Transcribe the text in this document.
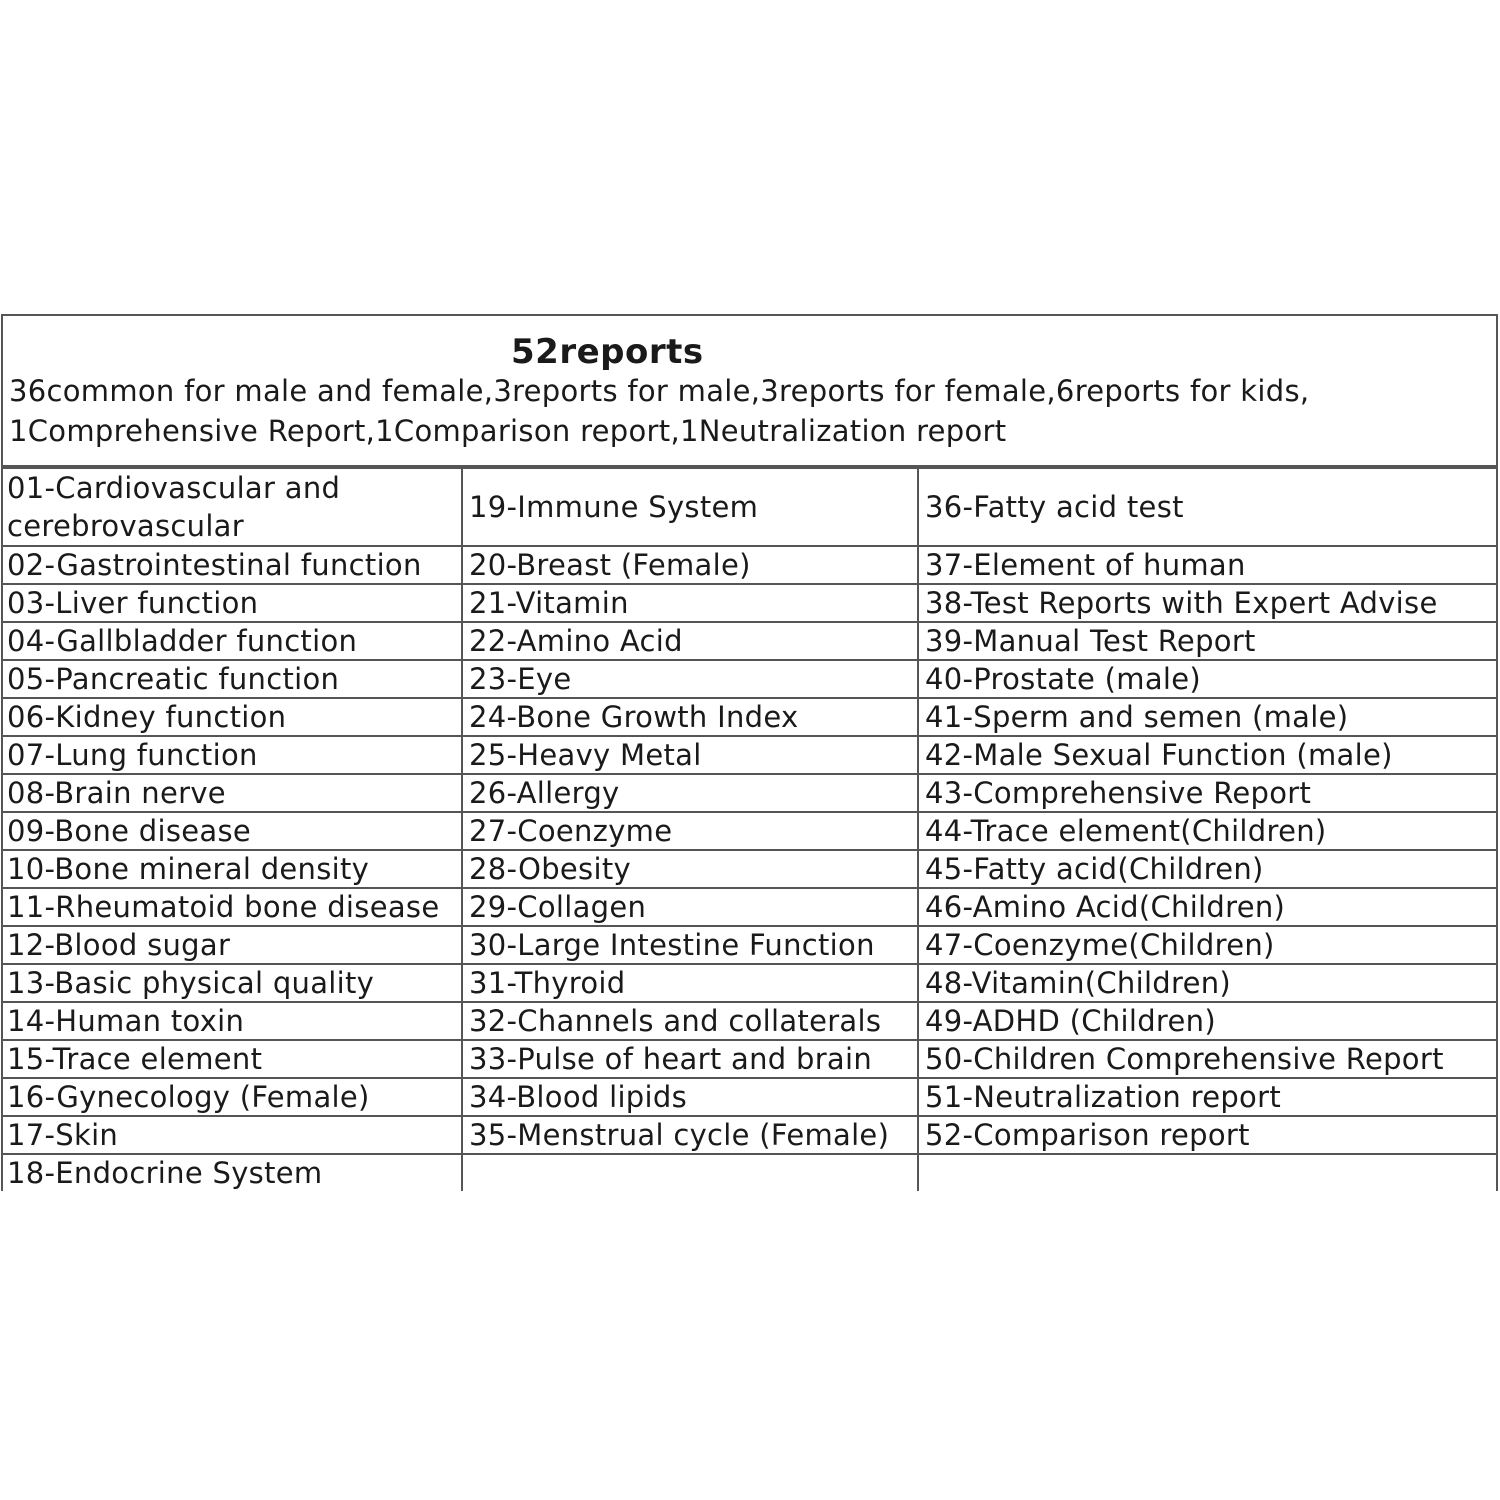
52reports
36common for male and female,3reports for male,3reports for female,6reports for kids,
1Comprehensive Report,1Comparison report,1Neutralization report
01-Cardiovascular and cerebrovascular	19-Immune System	36-Fatty acid test
02-Gastrointestinal function	20-Breast (Female)	37-Element of human
03-Liver function	21-Vitamin	38-Test Reports with Expert Advise
04-Gallbladder function	22-Amino Acid	39-Manual Test Report
05-Pancreatic function	23-Eye	40-Prostate (male)
06-Kidney function	24-Bone Growth Index	41-Sperm and semen (male)
07-Lung function	25-Heavy Metal	42-Male Sexual Function (male)
08-Brain nerve	26-Allergy	43-Comprehensive Report
09-Bone disease	27-Coenzyme	44-Trace element(Children)
10-Bone mineral density	28-Obesity	45-Fatty acid(Children)
11-Rheumatoid bone disease	29-Collagen	46-Amino Acid(Children)
12-Blood sugar	30-Large Intestine Function	47-Coenzyme(Children)
13-Basic physical quality	31-Thyroid	48-Vitamin(Children)
14-Human toxin	32-Channels and collaterals	49-ADHD (Children)
15-Trace element	33-Pulse of heart and brain	50-Children Comprehensive Report
16-Gynecology (Female)	34-Blood lipids	51-Neutralization report
17-Skin	35-Menstrual cycle (Female)	52-Comparison report
18-Endocrine System		
